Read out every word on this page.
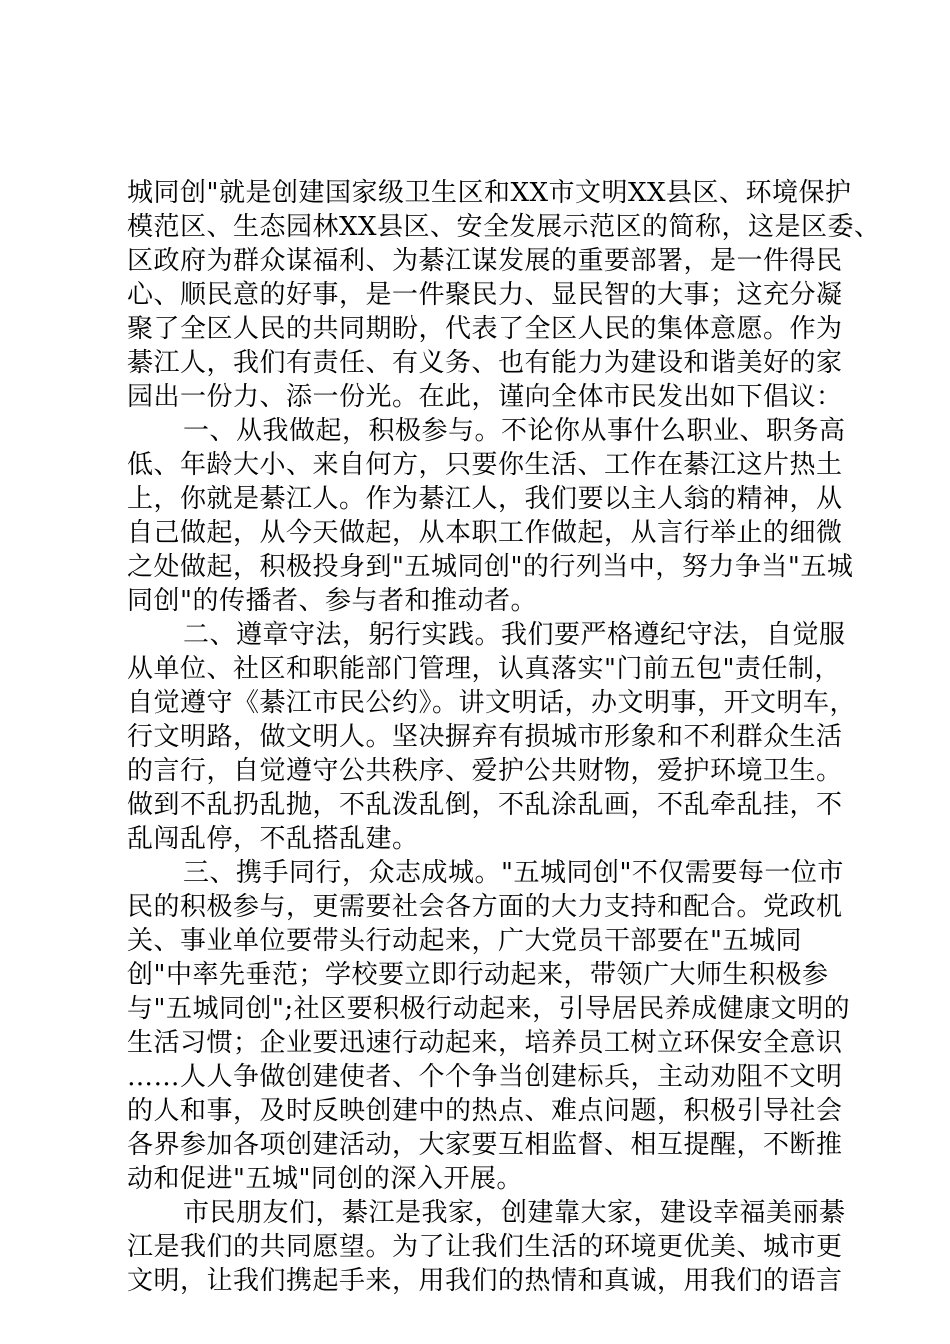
城同创"就是创建国家级卫生区和XX市文明XX县区、环境保护
模范区、生态园林XX县区、安全发展示范区的简称，这是区委、
区政府为群众谋福利、为綦江谋发展的重要部署，是一件得民
心、顺民意的好事，是一件聚民力、显民智的大事；这充分凝
聚了全区人民的共同期盼，代表了全区人民的集体意愿。作为
綦江人，我们有责任、有义务、也有能力为建设和谐美好的家
园出一份力、添一份光。在此，谨向全体市民发出如下倡议：
一、从我做起，积极参与。不论你从事什么职业、职务高
低、年龄大小、来自何方，只要你生活、工作在綦江这片热土
上，你就是綦江人。作为綦江人，我们要以主人翁的精神，从
自己做起，从今天做起，从本职工作做起，从言行举止的细微
之处做起，积极投身到"五城同创"的行列当中，努力争当"五城
同创"的传播者、参与者和推动者。
二、遵章守法，躬行实践。我们要严格遵纪守法，自觉服
从单位、社区和职能部门管理，认真落实"门前五包"责任制，
自觉遵守《綦江市民公约》。讲文明话，办文明事，开文明车，
行文明路，做文明人。坚决摒弃有损城市形象和不利群众生活
的言行，自觉遵守公共秩序、爱护公共财物，爱护环境卫生。
做到不乱扔乱抛，不乱泼乱倒，不乱涂乱画，不乱牵乱挂，不
乱闯乱停，不乱搭乱建。
三、携手同行，众志成城。"五城同创"不仅需要每一位市
民的积极参与，更需要社会各方面的大力支持和配合。党政机
关、事业单位要带头行动起来，广大党员干部要在"五城同
创"中率先垂范；学校要立即行动起来，带领广大师生积极参
与"五城同创";社区要积极行动起来，引导居民养成健康文明的
生活习惯；企业要迅速行动起来，培养员工树立环保安全意识
……人人争做创建使者、个个争当创建标兵，主动劝阻不文明
的人和事，及时反映创建中的热点、难点问题，积极引导社会
各界参加各项创建活动，大家要互相监督、相互提醒，不断推
动和促进"五城"同创的深入开展。
市民朋友们，綦江是我家，创建靠大家，建设幸福美丽綦
江是我们的共同愿望。为了让我们生活的环境更优美、城市更
文明，让我们携起手来，用我们的热情和真诚，用我们的语言
